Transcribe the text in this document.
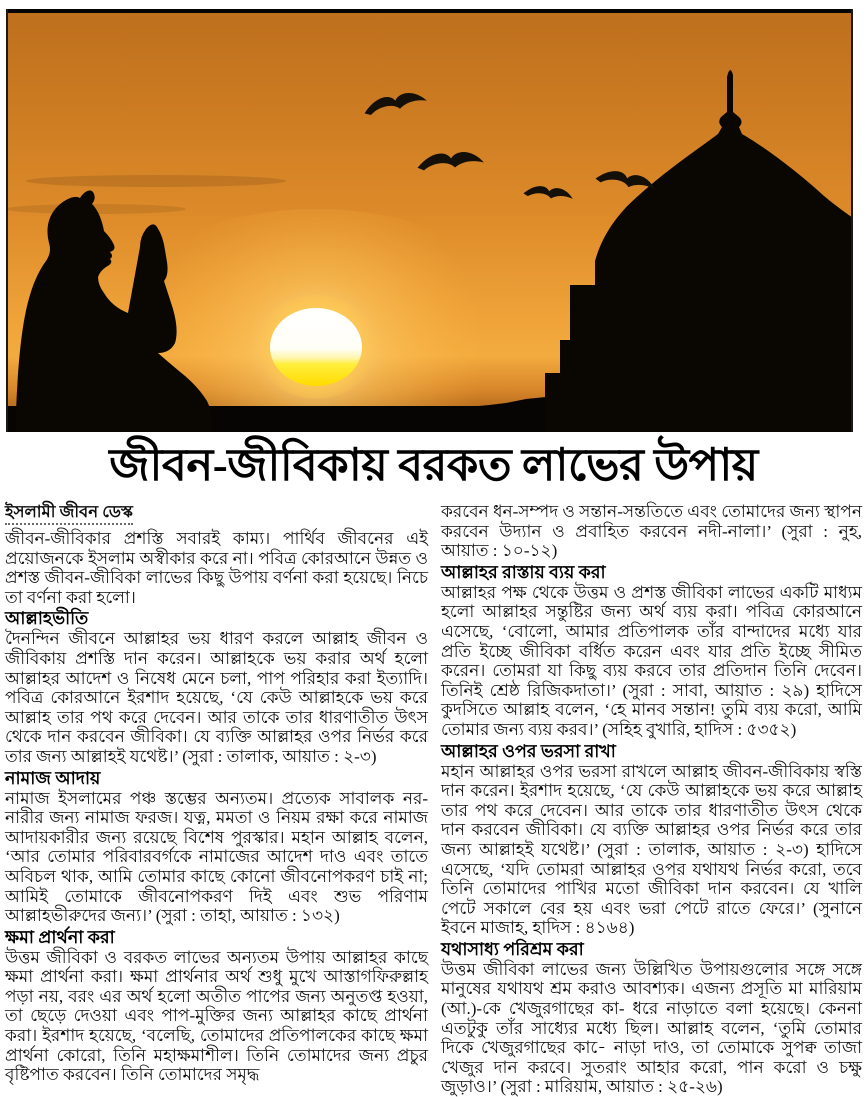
জীবন-জীবিকায় বরকত লাভের উপায়
ইসলামী জীবন ডেস্ক

জীবন-জীবিকার প্রশস্তি সবারই কাম্য। পার্থিব জীবনের এই প্রয়োজনকে ইসলাম অস্বীকার করে না। পবিত্র কোরআনে উন্নত ও প্রশস্ত জীবন-জীবিকা লাভের কিছু উপায় বর্ণনা করা হয়েছে। নিচে তা বর্ণনা করা হলো।

আল্লাহভীতি

দৈনন্দিন জীবনে আল্লাহর ভয় ধারণ করলে আল্লাহ জীবন ও জীবিকায় প্রশস্তি দান করেন। আল্লাহকে ভয় করার অর্থ হলো আল্লাহর আদেশ ও নিষেধ মেনে চলা, পাপ পরিহার করা ইত্যাদি। পবিত্র কোরআনে ইরশাদ হয়েছে, ‘যে কেউ আল্লাহকে ভয় করে আল্লাহ তার পথ করে দেবেন। আর তাকে তার ধারণাতীত উৎস থেকে দান করবেন জীবিকা। যে ব্যক্তি আল্লাহর ওপর নির্ভর করে তার জন্য আল্লাহই যথেষ্ট।’ (সুরা : তালাক, আয়াত : ২-৩)

নামাজ আদায়

নামাজ ইসলামের পঞ্চ স্তম্ভের অন্যতম। প্রত্যেক সাবালক নর-নারীর জন্য নামাজ ফরজ। যত্ন, মমতা ও নিয়ম রক্ষা করে নামাজ আদায়কারীর জন্য রয়েছে বিশেষ পুরস্কার। মহান আল্লাহ বলেন, ‘আর তোমার পরিবারবর্গকে নামাজের আদেশ দাও এবং তাতে অবিচল থাক, আমি তোমার কাছে কোনো জীবনোপকরণ চাই না; আমিই তোমাকে জীবনোপকরণ দিই এবং শুভ পরিণাম আল্লাহভীরুদের জন্য।’ (সুরা : তাহা, আয়াত : ১৩২)

ক্ষমা প্রার্থনা করা

উত্তম জীবিকা ও বরকত লাভের অন্যতম উপায় আল্লাহর কাছে ক্ষমা প্রার্থনা করা। ক্ষমা প্রার্থনার অর্থ শুধু মুখে আস্তাগফিরুল্লাহ পড়া নয়, বরং এর অর্থ হলো অতীত পাপের জন্য অনুতপ্ত হওয়া, তা ছেড়ে দেওয়া এবং পাপ-মুক্তির জন্য আল্লাহর কাছে প্রার্থনা করা। ইরশাদ হয়েছে, ‘বলেছি, তোমাদের প্রতিপালকের কাছে ক্ষমা প্রার্থনা কোরো, তিনি মহাক্ষমাশীল। তিনি তোমাদের জন্য প্রচুর বৃষ্টিপাত করবেন। তিনি তোমাদের সমৃদ্ধ

করবেন ধন-সম্পদ ও সন্তান-সন্ততিতে এবং তোমাদের জন্য স্থাপন করবেন উদ্যান ও প্রবাহিত করবেন নদী-নালা।’ (সুরা : নুহ, আয়াত : ১০-১২)

আল্লাহর রাস্তায় ব্যয় করা

আল্লাহর পক্ষ থেকে উত্তম ও প্রশস্ত জীবিকা লাভের একটি মাধ্যম হলো আল্লাহর সন্তুষ্টির জন্য অর্থ ব্যয় করা। পবিত্র কোরআনে এসেছে, ‘বোলো, আমার প্রতিপালক তাঁর বান্দাদের মধ্যে যার প্রতি ইচ্ছে জীবিকা বর্ধিত করেন এবং যার প্রতি ইচ্ছে সীমিত করেন। তোমরা যা কিছু ব্যয় করবে তার প্রতিদান তিনি দেবেন। তিনিই শ্রেষ্ঠ রিজিকদাতা।’ (সুরা : সাবা, আয়াত : ২৯) হাদিসে কুদসিতে আল্লাহ বলেন, ‘হে মানব সন্তান! তুমি ব্যয় করো, আমি তোমার জন্য ব্যয় করব।’ (সহিহ বুখারি, হাদিস : ৫৩৫২)

আল্লাহর ওপর ভরসা রাখা

মহান আল্লাহর ওপর ভরসা রাখলে আল্লাহ জীবন-জীবিকায় স্বস্তি দান করেন। ইরশাদ হয়েছে, ‘যে কেউ আল্লাহকে ভয় করে আল্লাহ তার পথ করে দেবেন। আর তাকে তার ধারণাতীত উৎস থেকে দান করবেন জীবিকা। যে ব্যক্তি আল্লাহর ওপর নির্ভর করে তার জন্য আল্লাহই যথেষ্ট।’ (সুরা : তালাক, আয়াত : ২-৩) হাদিসে এসেছে, ‘যদি তোমরা আল্লাহর ওপর যথাযথ নির্ভর করো, তবে তিনি তোমাদের পাখির মতো জীবিকা দান করবেন। যে খালি পেটে সকালে বের হয় এবং ভরা পেটে রাতে ফেরে।’ (সুনানে ইবনে মাজাহ, হাদিস : ৪১৬৪)

যথাসাধ্য পরিশ্রম করা

উত্তম জীবিকা লাভের জন্য উল্লিখিত উপায়গুলোর সঙ্গে সঙ্গে মানুষের যথাযথ শ্রম করাও আবশ্যক। এজন্য প্রসূতি মা মারিয়াম (আ.)-কে খেজুরগাছের কা- ধরে নাড়াতে বলা হয়েছে। কেননা এতটুকু তাঁর সাধ্যের মধ্যে ছিল। আল্লাহ বলেন, ‘তুমি তোমার দিকে খেজুরগাছের কা-ে নাড়া দাও, তা তোমাকে সুপক্ব তাজা খেজুর দান করবে। সুতরাং আহার করো, পান করো ও চক্ষু জুড়াও।’ (সুরা : মারিয়াম, আয়াত : ২৫-২৬)
